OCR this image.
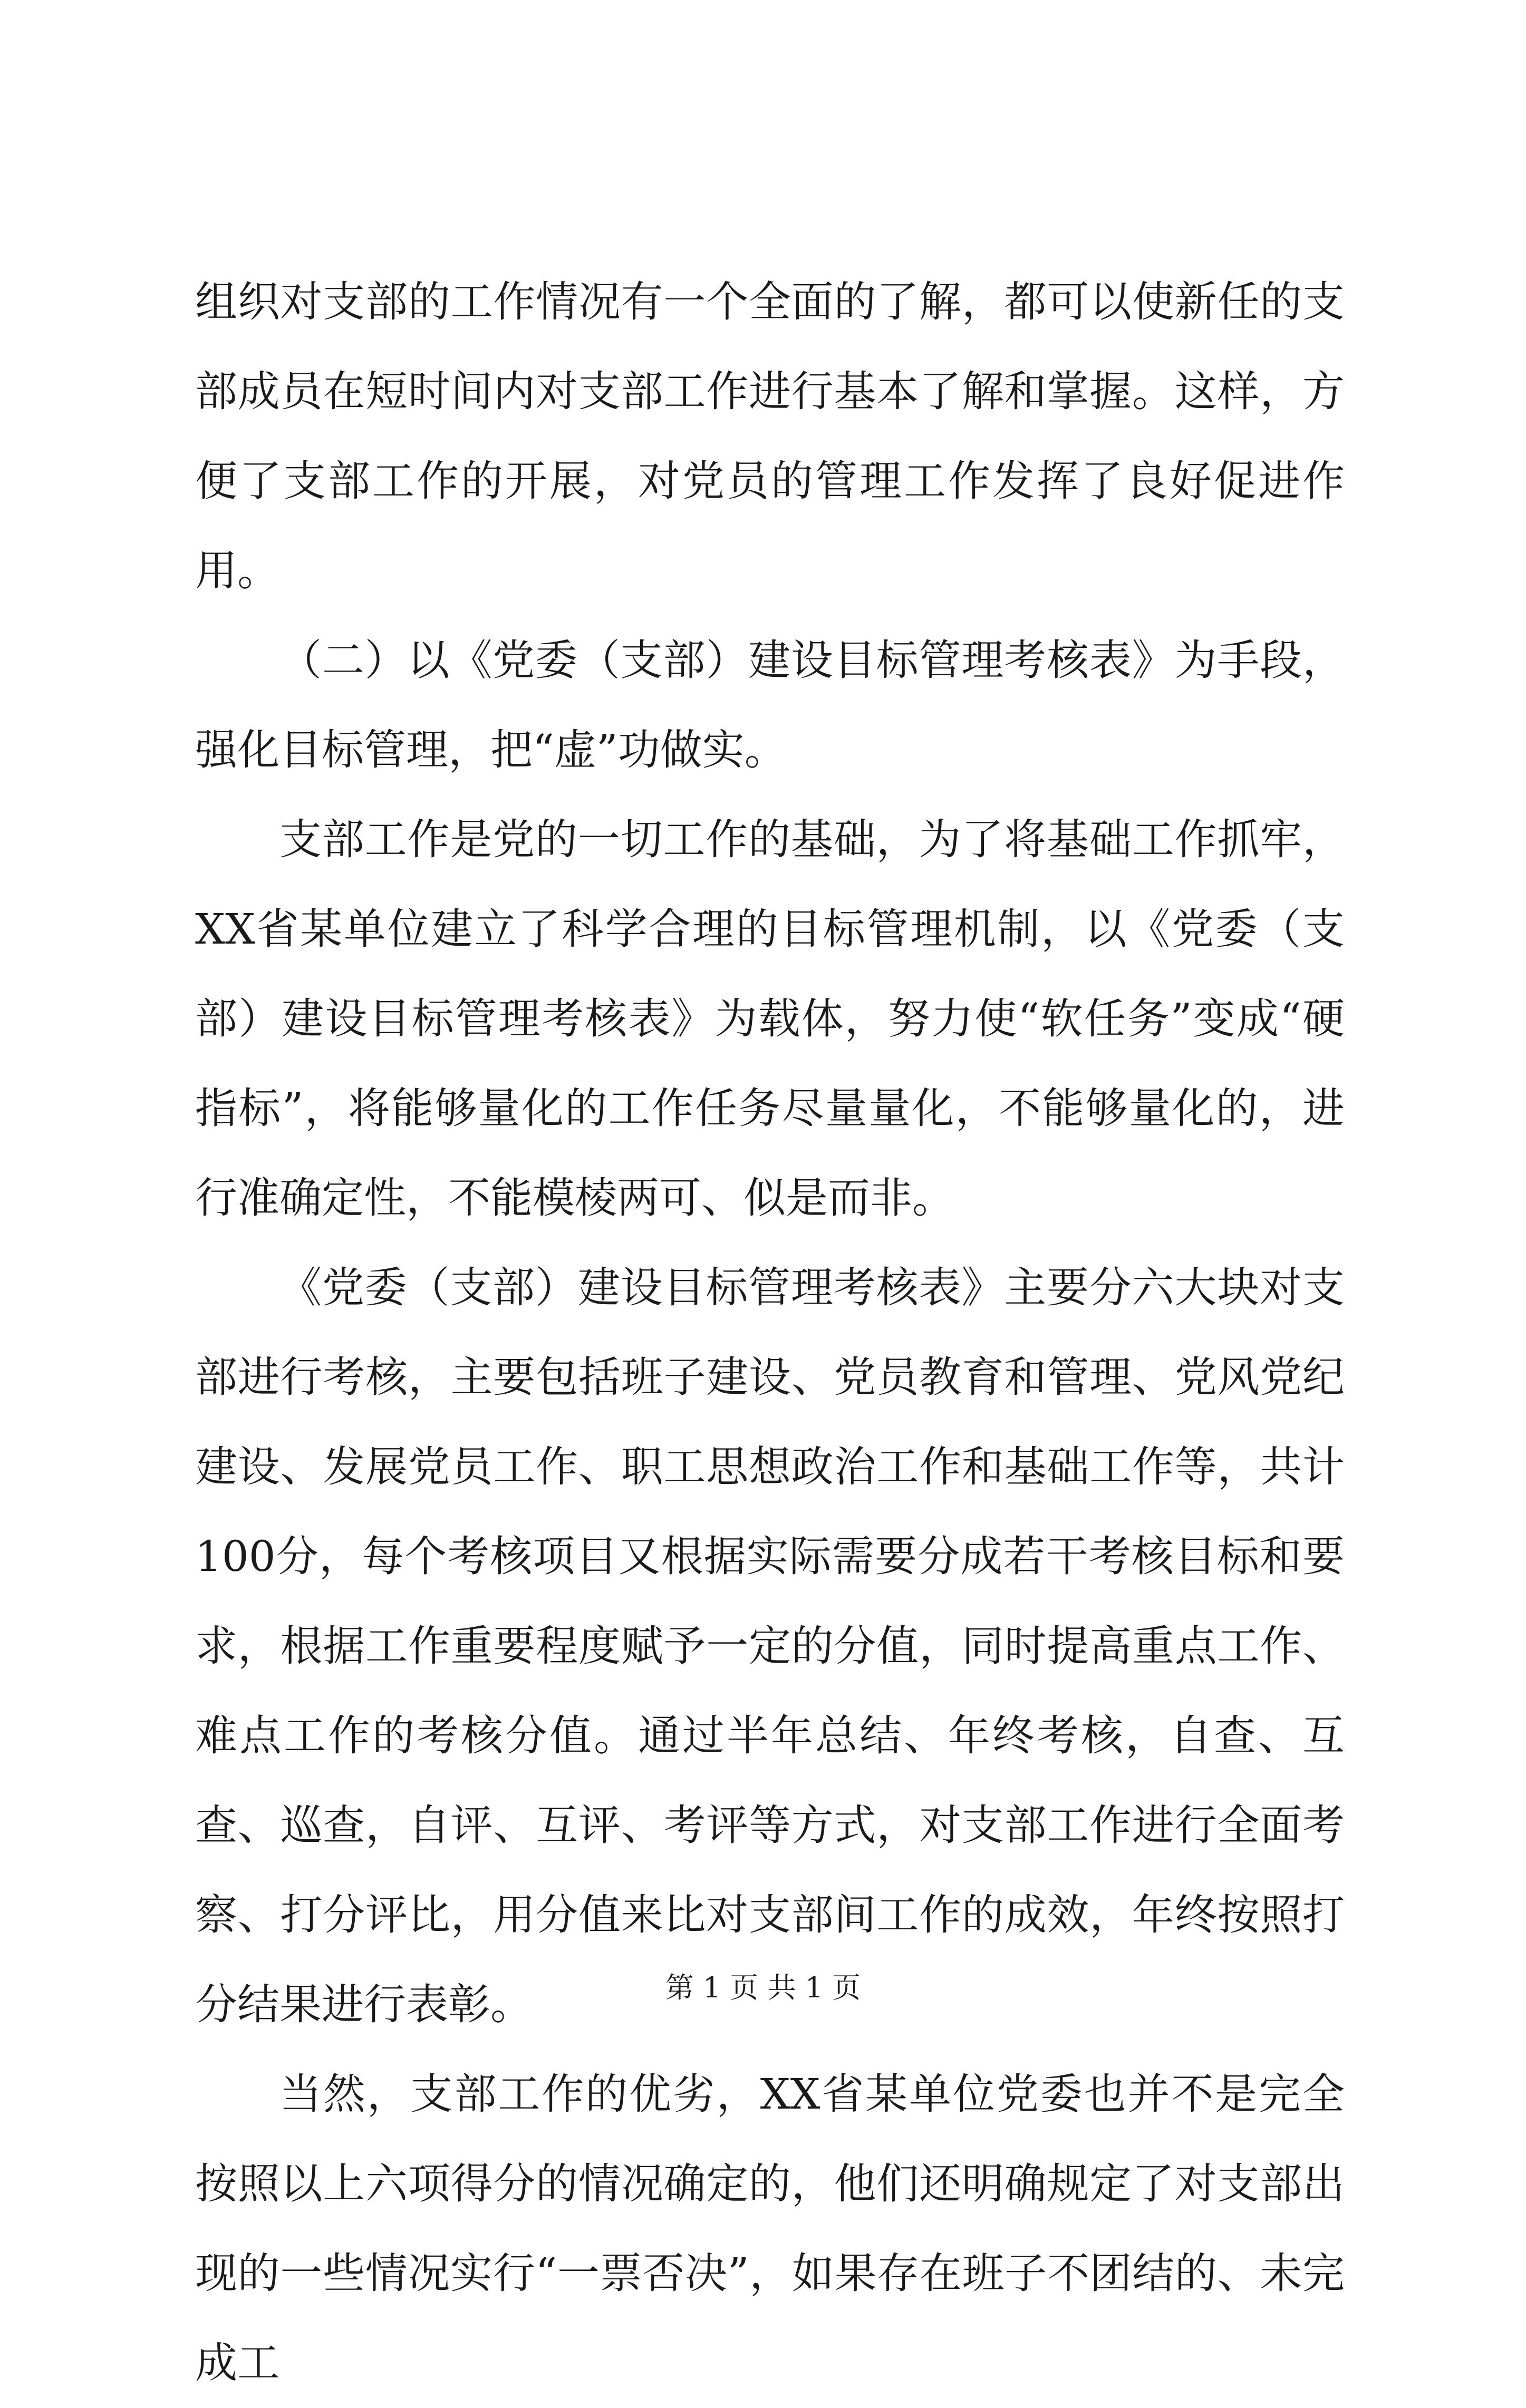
组织对支部的工作情况有一个全面的了解，都可以使新任的支部成员在短时间内对支部工作进行基本了解和掌握。这样，方便了支部工作的开展，对党员的管理工作发挥了良好促进作用。

（二）以《党委（支部）建设目标管理考核表》为手段，强化目标管理，把“虚”功做实。

支部工作是党的一切工作的基础，为了将基础工作抓牢，XX省某单位建立了科学合理的目标管理机制，以《党委（支部）建设目标管理考核表》为载体，努力使“软任务”变成“硬指标”，将能够量化的工作任务尽量量化，不能够量化的，进行准确定性，不能模棱两可、似是而非。

《党委（支部）建设目标管理考核表》主要分六大块对支部进行考核，主要包括班子建设、党员教育和管理、党风党纪建设、发展党员工作、职工思想政治工作和基础工作等，共计100分，每个考核项目又根据实际需要分成若干考核目标和要求，根据工作重要程度赋予一定的分值，同时提高重点工作、难点工作的考核分值。通过半年总结、年终考核，自查、互查、巡查，自评、互评、考评等方式，对支部工作进行全面考察、打分评比，用分值来比对支部间工作的成效，年终按照打分结果进行表彰。

当然，支部工作的优劣，XX省某单位党委也并不是完全按照以上六项得分的情况确定的，他们还明确规定了对支部出现的一些情况实行“一票否决”，如果存在班子不团结的、未完成工

第 1 页 共 1 页
